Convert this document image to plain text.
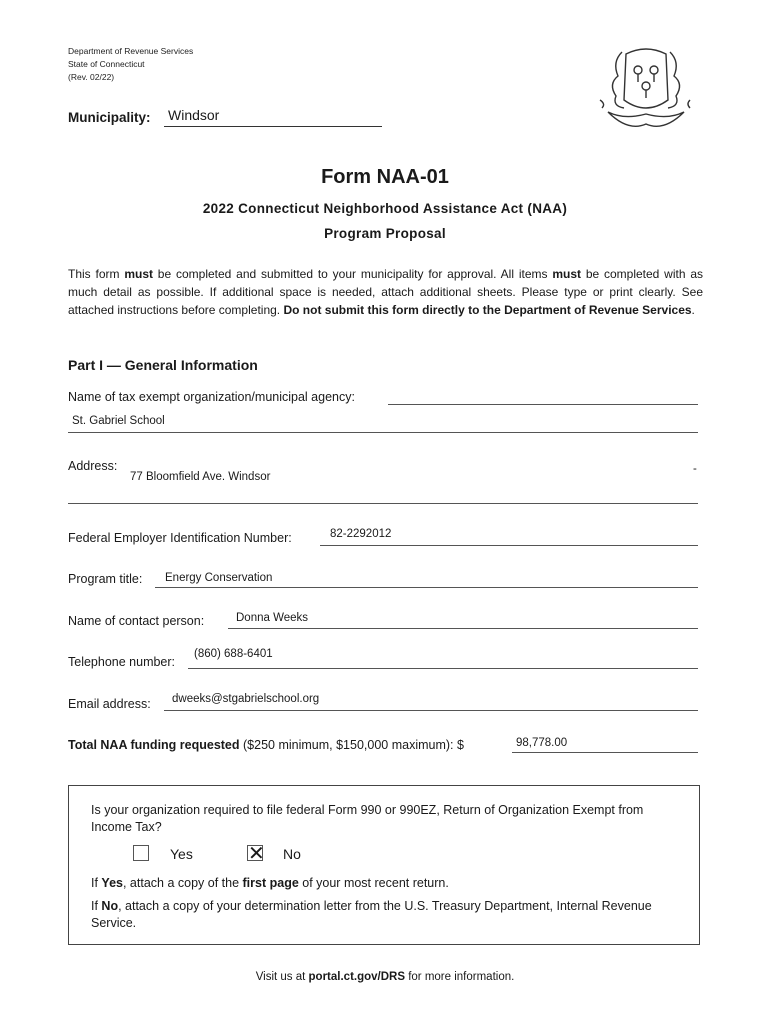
Department of Revenue Services
State of Connecticut
(Rev. 02/22)
Municipality: Windsor
Form NAA-01
2022 Connecticut Neighborhood Assistance Act (NAA)
Program Proposal
This form must be completed and submitted to your municipality for approval. All items must be completed with as much detail as possible. If additional space is needed, attach additional sheets. Please type or print clearly. See attached instructions before completing. Do not submit this form directly to the Department of Revenue Services.
Part I — General Information
Name of tax exempt organization/municipal agency:
St. Gabriel School
Address:
77 Bloomfield Ave. Windsor
-
Federal Employer Identification Number:	82-2292012
Program title: Energy Conservation
Name of contact person:	Donna Weeks
Telephone number:
(860) 688-6401
Email address: dweeks@stgabrielschool.org
Total NAA funding requested ($250 minimum, $150,000 maximum): $	98,778.00
Is your organization required to file federal Form 990 or 990EZ, Return of Organization Exempt from Income Tax?
Yes	✕ No
If Yes, attach a copy of the first page of your most recent return.
If No, attach a copy of your determination letter from the U.S. Treasury Department, Internal Revenue Service.
Visit us at portal.ct.gov/DRS for more information.
